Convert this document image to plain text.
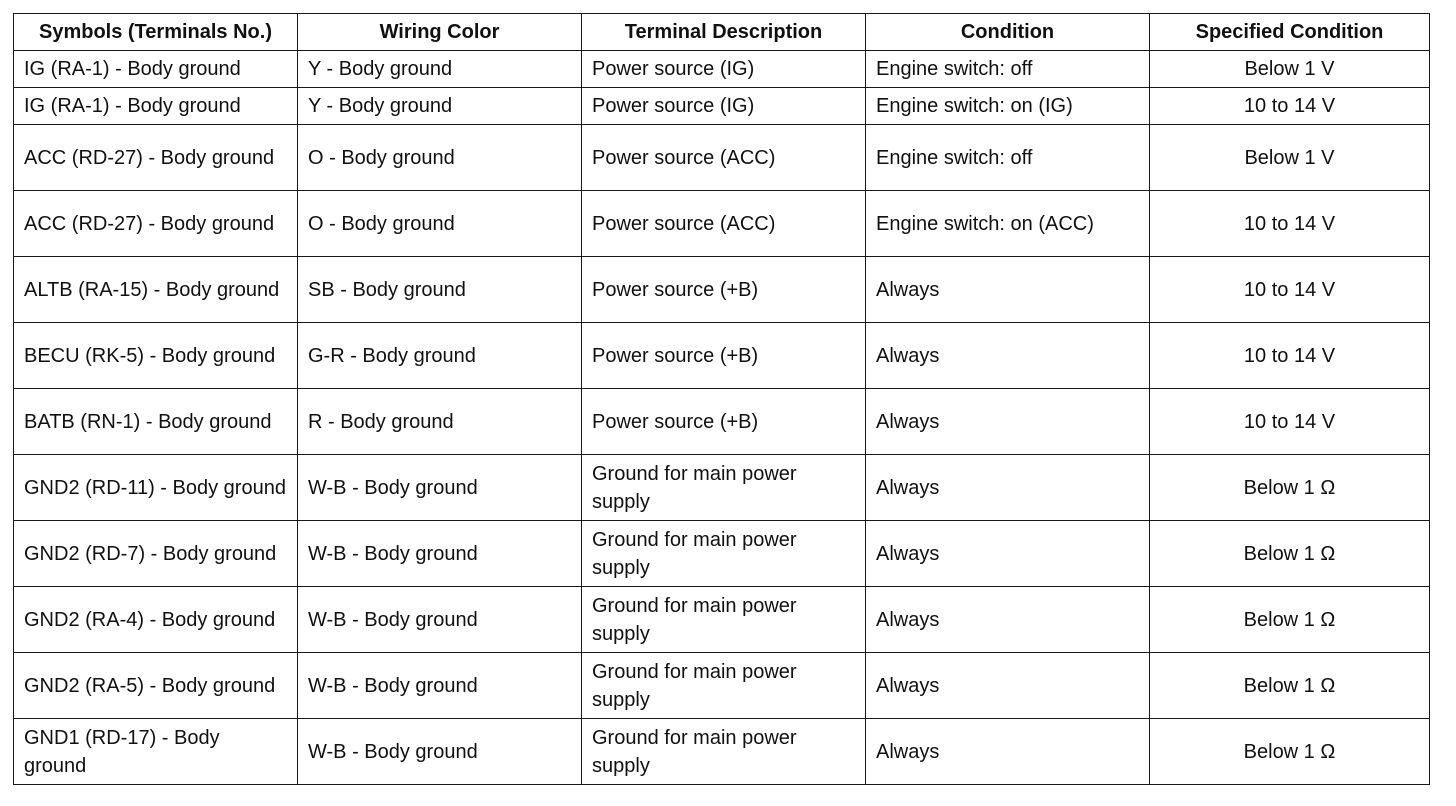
Symbols (Terminals No.)	Wiring Color	Terminal Description	Condition	Specified Condition
IG (RA-1) - Body ground	Y - Body ground	Power source (IG)	Engine switch: off	Below 1 V
IG (RA-1) - Body ground	Y - Body ground	Power source (IG)	Engine switch: on (IG)	10 to 14 V
ACC (RD-27) - Body ground	O - Body ground	Power source (ACC)	Engine switch: off	Below 1 V
ACC (RD-27) - Body ground	O - Body ground	Power source (ACC)	Engine switch: on (ACC)	10 to 14 V
ALTB (RA-15) - Body ground	SB - Body ground	Power source (+B)	Always	10 to 14 V
BECU (RK-5) - Body ground	G-R - Body ground	Power source (+B)	Always	10 to 14 V
BATB (RN-1) - Body ground	R - Body ground	Power source (+B)	Always	10 to 14 V
GND2 (RD-11) - Body ground	W-B - Body ground	Ground for main power supply	Always	Below 1 Ω
GND2 (RD-7) - Body ground	W-B - Body ground	Ground for main power supply	Always	Below 1 Ω
GND2 (RA-4) - Body ground	W-B - Body ground	Ground for main power supply	Always	Below 1 Ω
GND2 (RA-5) - Body ground	W-B - Body ground	Ground for main power supply	Always	Below 1 Ω
GND1 (RD-17) - Body ground	W-B - Body ground	Ground for main power supply	Always	Below 1 Ω
